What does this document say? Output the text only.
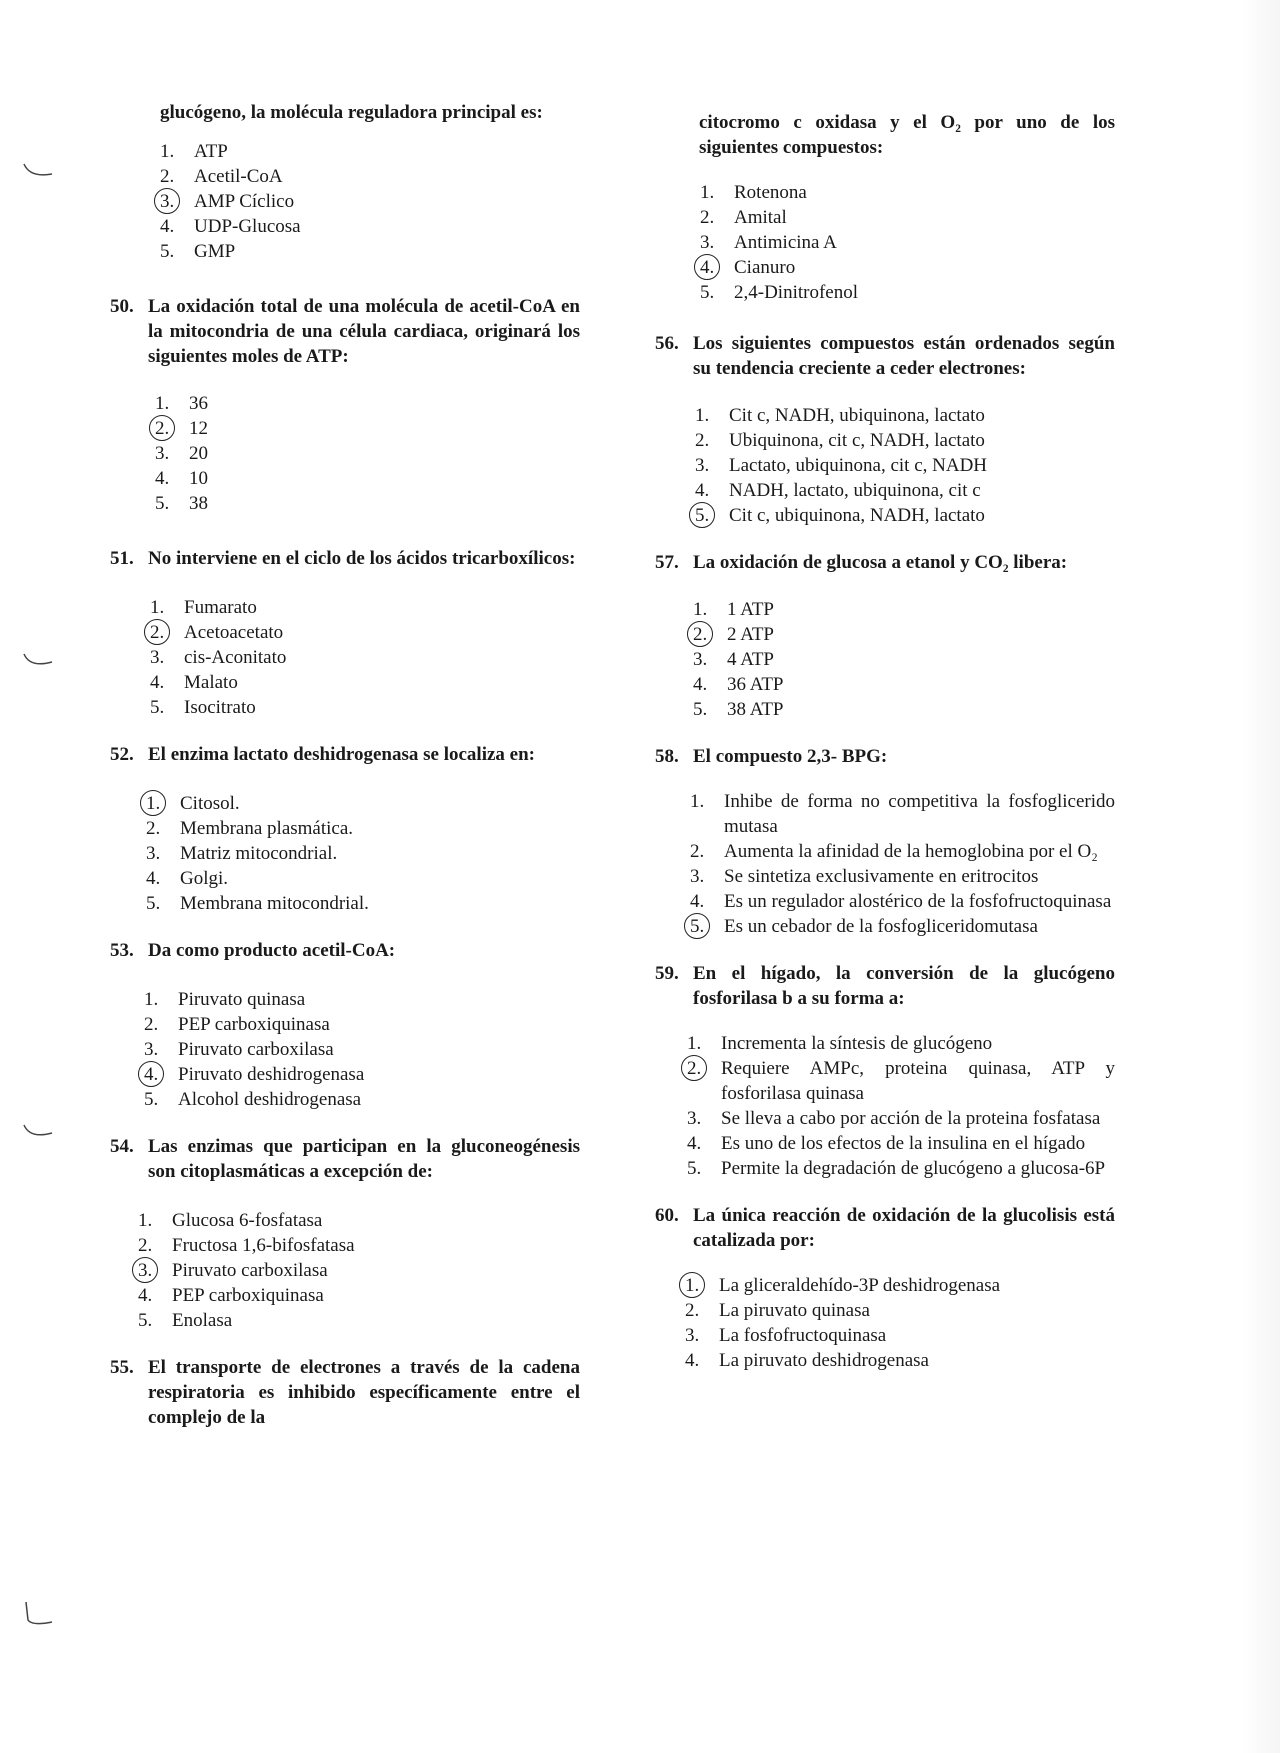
glucógeno, la molécula reguladora principal es:
1.	ATP
2.	Acetil-CoA
3.	AMP Cíclico
4.	UDP-Glucosa
5.	GMP
50. La oxidación total de una molécula de acetil-CoA en la mitocondria de una célula cardiaca, originará los siguientes moles de ATP:
1.	36
2.	12
3.	20
4.	10
5.	38
51. No interviene en el ciclo de los ácidos tricarboxílicos:
1.	Fumarato
2.	Acetoacetato
3.	cis-Aconitato
4.	Malato
5.	Isocitrato
52. El enzima lactato deshidrogenasa se localiza en:
1.	Citosol.
2.	Membrana plasmática.
3.	Matriz mitocondrial.
4.	Golgi.
5.	Membrana mitocondrial.
53. Da como producto acetil-CoA:
1.	Piruvato quinasa
2.	PEP carboxiquinasa
3.	Piruvato carboxilasa
4.	Piruvato deshidrogenasa
5.	Alcohol deshidrogenasa
54. Las enzimas que participan en la gluconeogénesis son citoplasmáticas a excepción de:
1.	Glucosa 6-fosfatasa
2.	Fructosa 1,6-bifosfatasa
3.	Piruvato carboxilasa
4.	PEP carboxiquinasa
5.	Enolasa
55. El transporte de electrones a través de la cadena respiratoria es inhibido específicamente entre el complejo de la
citocromo c oxidasa y el O₂ por uno de los siguientes compuestos:
1.	Rotenona
2.	Amital
3.	Antimicina A
4.	Cianuro
5.	2,4-Dinitrofenol
56. Los siguientes compuestos están ordenados según su tendencia creciente a ceder electrones:
1.	Cit c, NADH, ubiquinona, lactato
2.	Ubiquinona, cit c, NADH, lactato
3.	Lactato, ubiquinona, cit c, NADH
4.	NADH, lactato, ubiquinona, cit c
5.	Cit c, ubiquinona, NADH, lactato
57. La oxidación de glucosa a etanol y CO₂ libera:
1.	1 ATP
2.	2 ATP
3.	4 ATP
4.	36 ATP
5.	38 ATP
58. El compuesto 2,3- BPG:
1.	Inhibe de forma no competitiva la fosfoglicerido mutasa
2.	Aumenta la afinidad de la hemoglobina por el O₂
3.	Se sintetiza exclusivamente en eritrocitos
4.	Es un regulador alostérico de la fosfofructoquinasa
5.	Es un cebador de la fosfogliceridomutasa
59. En el hígado, la conversión de la glucógeno fosforilasa b a su forma a:
1.	Incrementa la síntesis de glucógeno
2.	Requiere AMPc, proteina quinasa, ATP y fosforilasa quinasa
3.	Se lleva a cabo por acción de la proteina fosfatasa
4.	Es uno de los efectos de la insulina en el hígado
5.	Permite la degradación de glucógeno a glucosa-6P
60. La única reacción de oxidación de la glucolisis está catalizada por:
1.	La gliceraldehído-3P deshidrogenasa
2.	La piruvato quinasa
3.	La fosfofructoquinasa
4.	La piruvato deshidrogenasa
